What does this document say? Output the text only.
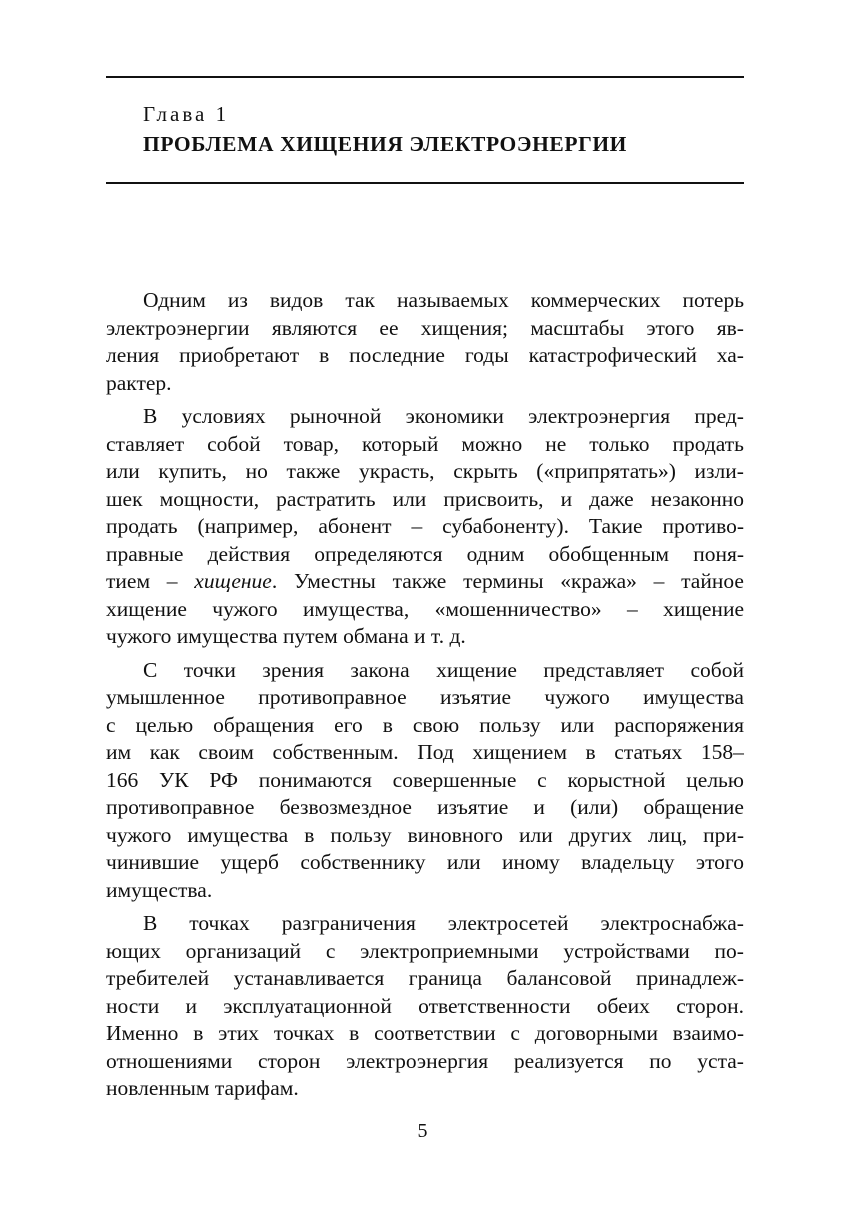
Глава 1
ПРОБЛЕМА ХИЩЕНИЯ ЭЛЕКТРОЭНЕРГИИ
Одним из видов так называемых коммерческих потерь
электроэнергии являются ее хищения; масштабы этого яв-
ления приобретают в последние годы катастрофический ха-
рактер.
В условиях рыночной экономики электроэнергия пред-
ставляет собой товар, который можно не только продать
или купить, но также украсть, скрыть («припрятать») изли-
шек мощности, растратить или присвоить, и даже незаконно
продать (например, абонент – субабоненту). Такие противо-
правные действия определяются одним обобщенным поня-
тием – хищение. Уместны также термины «кража» – тайное
хищение чужого имущества, «мошенничество» – хищение
чужого имущества путем обмана и т. д.
С точки зрения закона хищение представляет собой
умышленное противоправное изъятие чужого имущества
с целью обращения его в свою пользу или распоряжения
им как своим собственным. Под хищением в статьях 158–
166 УК РФ понимаются совершенные с корыстной целью
противоправное безвозмездное изъятие и (или) обращение
чужого имущества в пользу виновного или других лиц, при-
чинившие ущерб собственнику или иному владельцу этого
имущества.
В точках разграничения электросетей электроснабжа-
ющих организаций с электроприемными устройствами по-
требителей устанавливается граница балансовой принадлеж-
ности и эксплуатационной ответственности обеих сторон.
Именно в этих точках в соответствии с договорными взаимо-
отношениями сторон электроэнергия реализуется по уста-
новленным тарифам.
5
